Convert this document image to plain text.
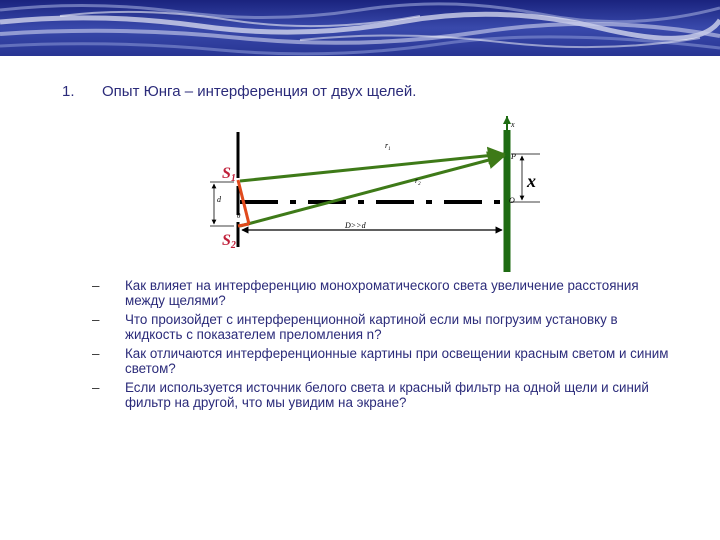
1. Опыт Юнга – интерференция от двух щелей.
S1
S2
$r_1$
$r_2$
d
D>>d
P
O
x
x
θ
– Как влияет на интерференцию монохроматического света увеличение расстояния между щелями?
– Что произойдет с интерференционной картиной если мы погрузим установку в жидкость с показателем преломления n?
– Как отличаются интерференционные картины при освещении красным светом и синим светом?
– Если используется источник белого света и красный фильтр на одной щели и синий фильтр на другой, что мы увидим на экране?
